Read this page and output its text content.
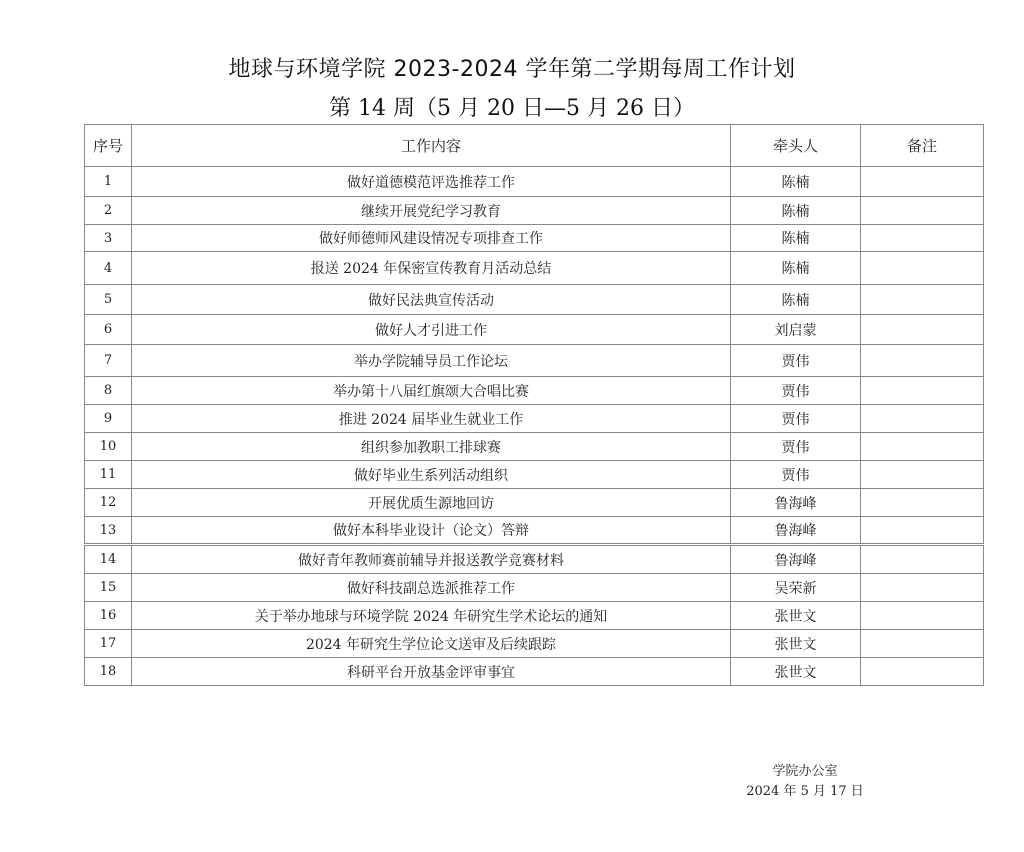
地球与环境学院 2023-2024 学年第二学期每周工作计划
第 14 周（5 月 20 日—5 月 26 日）
序号	工作内容	牵头人	备注
1	做好道德模范评选推荐工作	陈楠	
2	继续开展党纪学习教育	陈楠	
3	做好师德师风建设情况专项排查工作	陈楠	
4	报送 2024 年保密宣传教育月活动总结	陈楠	
5	做好民法典宣传活动	陈楠	
6	做好人才引进工作	刘启蒙	
7	举办学院辅导员工作论坛	贾伟	
8	举办第十八届红旗颂大合唱比赛	贾伟	
9	推进 2024 届毕业生就业工作	贾伟	
10	组织参加教职工排球赛	贾伟	
11	做好毕业生系列活动组织	贾伟	
12	开展优质生源地回访	鲁海峰	
13	做好本科毕业设计（论文）答辩	鲁海峰	
14	做好青年教师赛前辅导并报送教学竞赛材料	鲁海峰	
15	做好科技副总选派推荐工作	吴荣新	
16	关于举办地球与环境学院 2024 年研究生学术论坛的通知	张世文	
17	2024 年研究生学位论文送审及后续跟踪	张世文	
18	科研平台开放基金评审事宜	张世文	
学院办公室
2024 年 5 月 17 日
